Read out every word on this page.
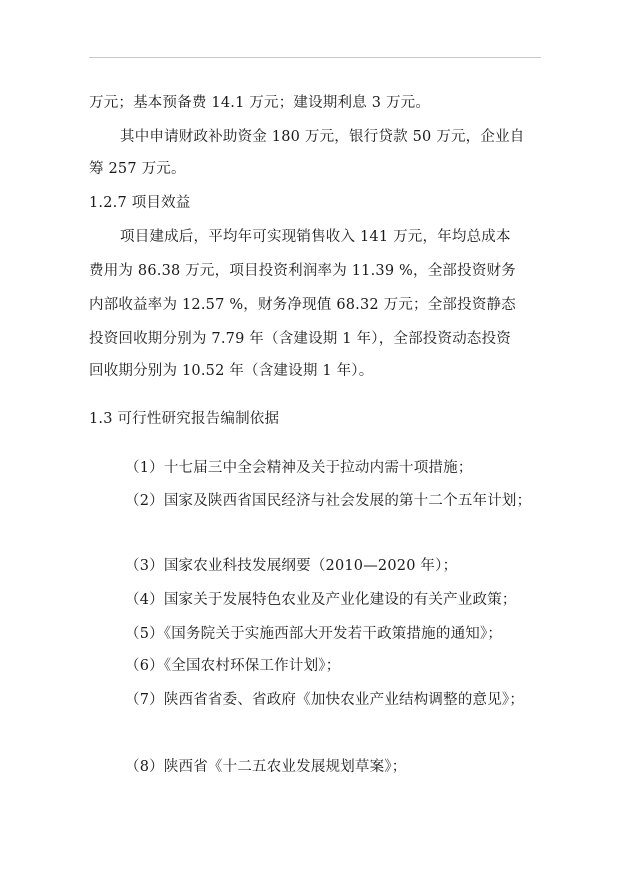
万元；基本预备费 14.1 万元；建设期利息 3 万元。
其中申请财政补助资金 180 万元，银行贷款 50 万元，企业自
筹 257 万元。
1.2.7 项目效益
项目建成后，平均年可实现销售收入 141 万元，年均总成本
费用为 86.38 万元，项目投资利润率为 11.39 %，全部投资财务
内部收益率为 12.57 %，财务净现值 68.32 万元；全部投资静态
投资回收期分别为 7.79 年（含建设期 1 年），全部投资动态投资
回收期分别为 10.52 年（含建设期 1 年）。
1.3 可行性研究报告编制依据
（1）十七届三中全会精神及关于拉动内需十项措施；
（2）国家及陕西省国民经济与社会发展的第十二个五年计划；
（3）国家农业科技发展纲要（2010—2020 年）；
（4）国家关于发展特色农业及产业化建设的有关产业政策；
（5）《国务院关于实施西部大开发若干政策措施的通知》；
（6）《全国农村环保工作计划》；
（7）陕西省省委、省政府《加快农业产业结构调整的意见》；
（8）陕西省《十二五农业发展规划草案》；
